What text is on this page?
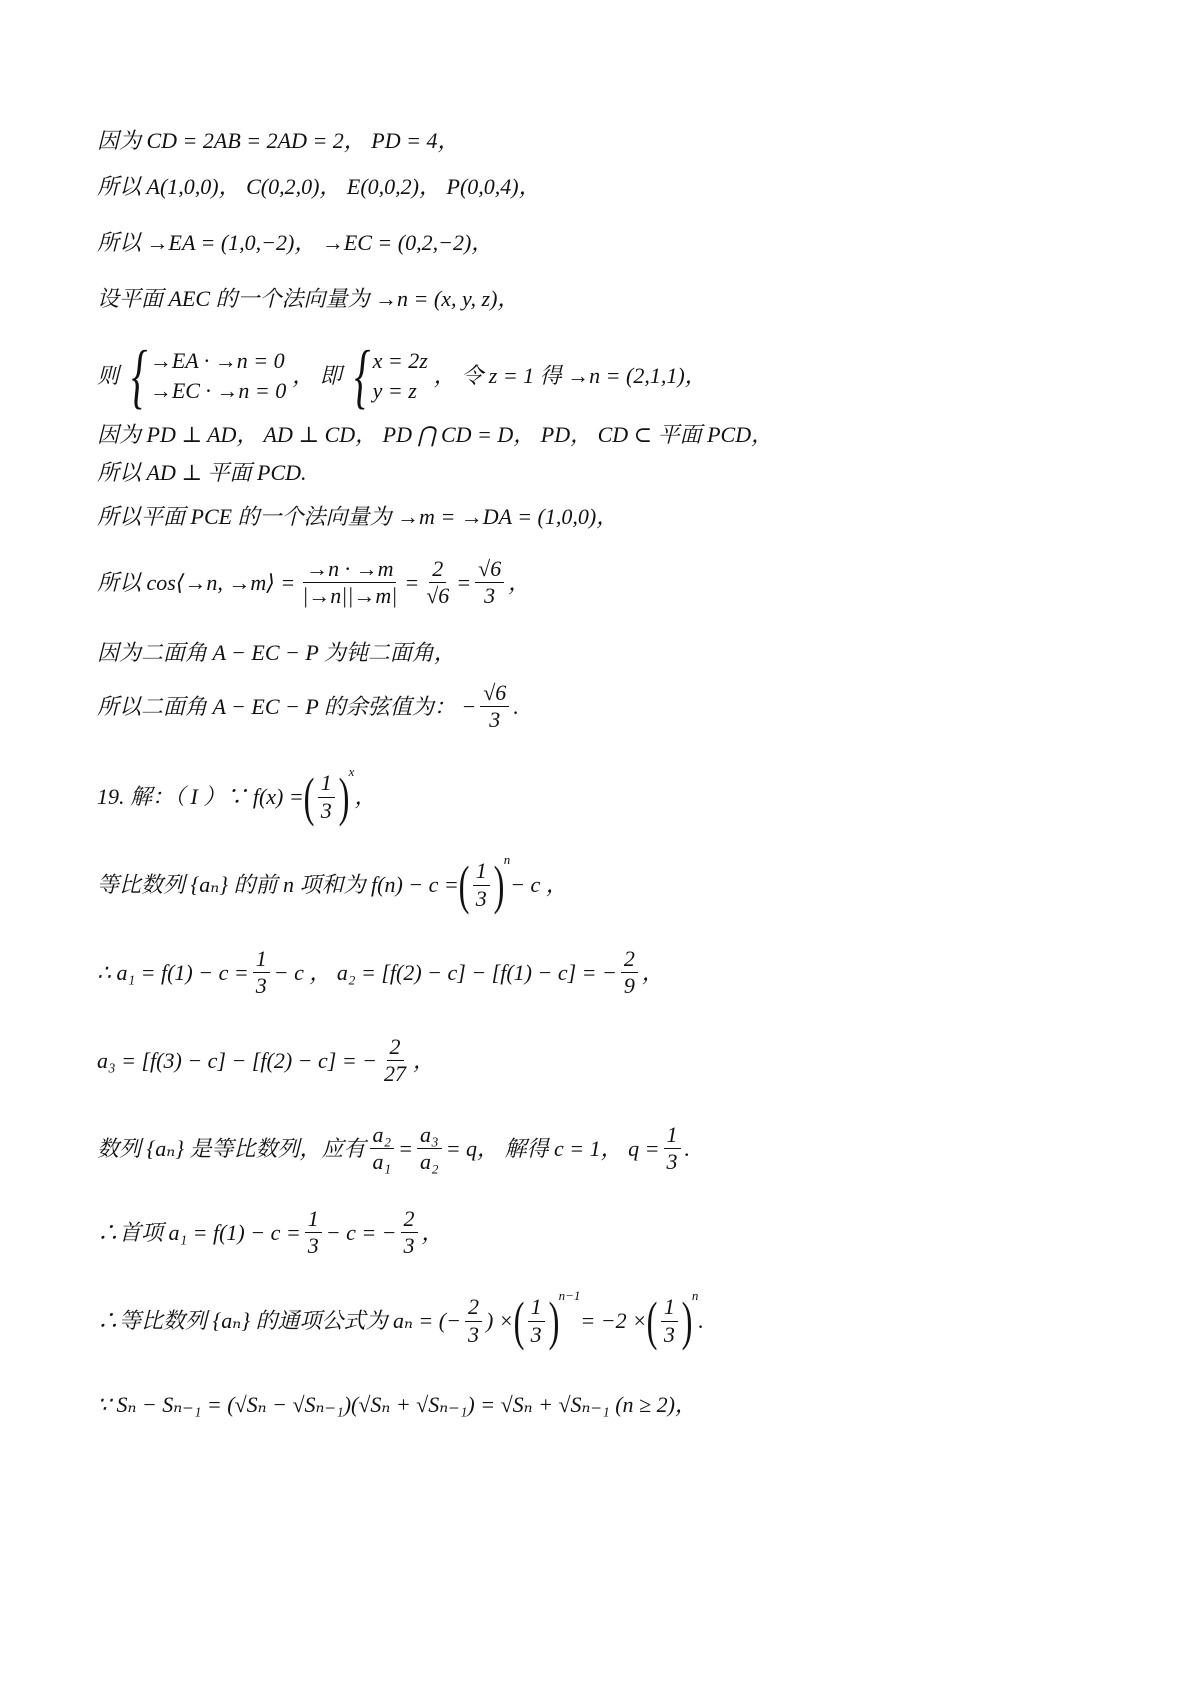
因为 CD = 2AB = 2AD = 2， PD = 4，
所以 A(1,0,0)， C(0,2,0)， E(0,0,2)， P(0,0,4)，
所以 →EA = (1,0,−2)， →EC = (0,2,−2)，
设平面 AEC 的一个法向量为 →n = (x, y, z)，
则 { →EA · →n = 0
→EC · →n = 0
， 即 { x = 2z
y = z
， 令 z = 1 得 →n = (2,1,1)，
因为 PD ⊥ AD， AD ⊥ CD， PD ⋂ CD = D， PD， CD ⊂ 平面 PCD，
所以 AD ⊥ 平面 PCD.
所以平面 PCE 的一个法向量为 →m = →DA = (1,0,0)，
所以 cos⟨→n, →m⟩ = $\frac{\to n \cdot \to m}{|\to n||\to m|} = \frac{2}{√6} = \frac{√6}{3}$ ，
因为二面角 A − EC − P 为钝二面角，
所以二面角 A − EC − P 的余弦值为： − $\frac{√6}{3}$ .
19. 解：（ I ）∵ f(x) = ( $\frac{1}{3}$ ) x
，
等比数列 {aₙ} 的前 n 项和为 f(n) − c = ( $\frac{1}{3}$ ) n
− c ，
∴ $a_1 = f(1) - c = \frac{1}{3} - c$ ， a₂ = [f(2) − c] − [f(1) − c] = − $\frac{2}{9}$ ，
a₃ = [f(3) − c] − [f(2) − c] = − $\frac{2}{27}$ ，
数列 {aₙ} 是等比数列，应有 $\frac{\text{a₂}}{\text{a₁}} = \frac{\text{a₃}}{\text{a₂}} = q$， 解得 c = 1， $q = \frac{1}{3}$ .
∴首项 $a_1 = f(1) - c = \frac{1}{3} - c$ = − $\frac{2}{3}$ ，
∴等比数列 {aₙ} 的通项公式为 aₙ = (− $\frac{2}{3}$ ) × ( $\frac{1}{3}$ ) n−1
= −2 × ( $\frac{1}{3}$ ) n
.
∵ Sₙ − Sₙ₋₁ = (√Sₙ − √Sₙ₋₁)(√Sₙ + √Sₙ₋₁) = √Sₙ + √Sₙ₋₁ (n ≥ 2)，
